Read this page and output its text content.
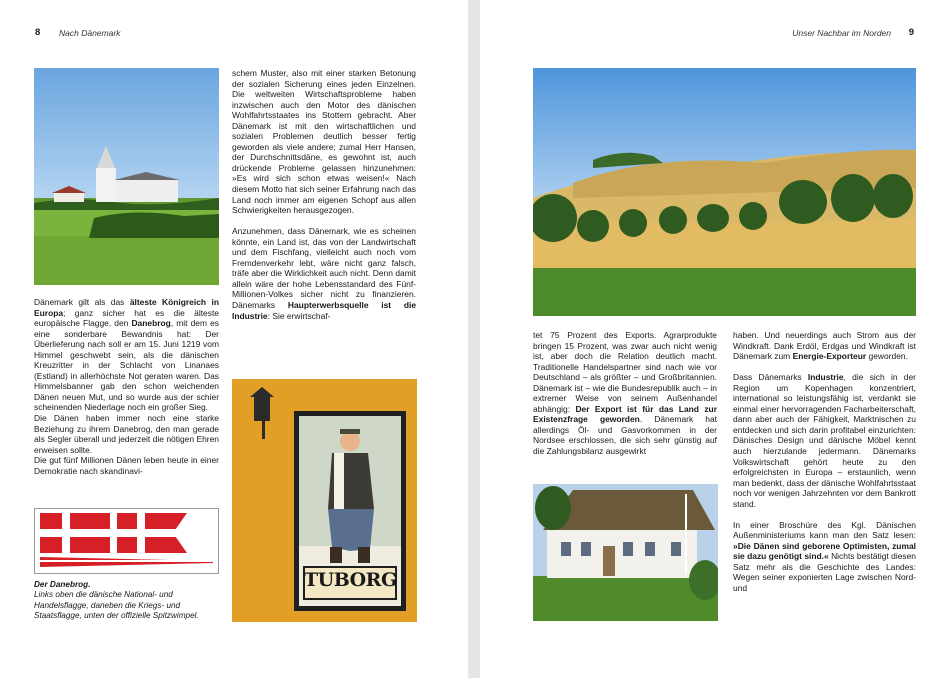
8 Nach Dänemark

Dänemark gilt als das älteste Königreich in Europa; ganz sicher hat es die älteste europäische Flagge, den Danebrog, mit dem es eine sonderbare Bewandnis hat: Der Überlieferung nach soll er am 15. Juni 1219 vom Himmel geschwebt sein, als die dänischen Kreuzritter in der Schlacht von Linanaes (Estland) in allerhöchste Not geraten waren. Das Himmelsbanner gab den schon weichenden Dänen neuen Mut, und so wurde aus der schier scheinenden Niederlage noch ein großer Sieg.

Die Dänen haben immer noch eine starke Beziehung zu ihrem Danebrog, den man gerade als Segler überall und jederzeit die nötigen Ehren erweisen sollte.

Die gut fünf Millionen Dänen leben heute in einer Demokratie nach skandinavi-

Der Danebrog.
Links oben die dänische National- und Handelsflagge, daneben die Kriegs- und Staatsflagge, unten der offizielle Spitzwimpel.

schem Muster, also mit einer starken Betonung der sozialen Sicherung eines jeden Einzelnen. Die weltweiten Wirtschaftsprobleme haben inzwischen auch den Motor des dänischen Wohlfahrtsstaates ins Stottern gebracht. Aber Dänemark ist mit den wirtschaftlichen und sozialen Problemen deutlich besser fertig geworden als viele andere; zumal Herr Hansen, der Durchschnittsdäne, es gewohnt ist, auch drückende Probleme gelassen hinzunehmen: »Es wird sich schon etwas weisen!« Nach diesem Motto hat sich seiner Erfahrung nach das Land noch immer am eigenen Schopf aus allen Schwierigkeiten herausgezogen.

Anzunehmen, dass Dänemark, wie es scheinen könnte, ein Land ist, das von der Landwirtschaft und dem Fischfang, vielleicht auch noch vom Fremdenverkehr lebt, wäre nicht ganz falsch, träfe aber die Wirklichkeit auch nicht. Denn damit allein wäre der hohe Lebensstandard des Fünf-Millionen-Volkes sicher nicht zu finanzieren. Dänemarks Haupterwerbsquelle ist die Industrie: Sie erwirtschaf-

TUBORG
Unser Nachbar im Norden 9

tet 75 Prozent des Exports. Agrarprodukte bringen 15 Prozent, was zwar auch nicht wenig ist, aber doch die Relation deutlich macht. Traditionelle Handelspartner sind nach wie vor Deutschland – als größter – und Großbritannien. Dänemark ist – wie die Bundesrepublik auch – in extremer Weise von seinem Außenhandel abhängig: Der Export ist für das Land zur Existenzfrage geworden. Dänemark hat allerdings Öl- und Gasvorkommen in der Nordsee erschlossen, die sich sehr günstig auf die Zahlungsbilanz ausgewirkt

haben. Und neuerdings auch Strom aus der Windkraft. Dank Erdöl, Erdgas und Windkraft ist Dänemark zum Energie-Exporteur geworden.

Dass Dänemarks Industrie, die sich in der Region um Kopenhagen konzentriert, international so leistungsfähig ist, verdankt sie einmal einer hervorragenden Facharbeiterschaft, dann aber auch der Fähigkeit, Marktnischen zu entdecken und sich darin profitabel einzurichten: Dänisches Design und dänische Möbel kennt auch hierzulande jedermann. Dänemarks Volkswirtschaft gehört heute zu den erfolgreichsten in Europa – erstaunlich, wenn man bedenkt, dass der dänische Wohlfahrtsstaat noch vor wenigen Jahrzehnten vor dem Bankrott stand.

In einer Broschüre des Kgl. Dänischen Außenministeriums kann man den Satz lesen: »Die Dänen sind geborene Optimisten, zumal sie dazu genötigt sind.« Nichts bestätigt diesen Satz mehr als die Geschichte des Landes: Wegen seiner exponierten Lage zwischen Nord- und
